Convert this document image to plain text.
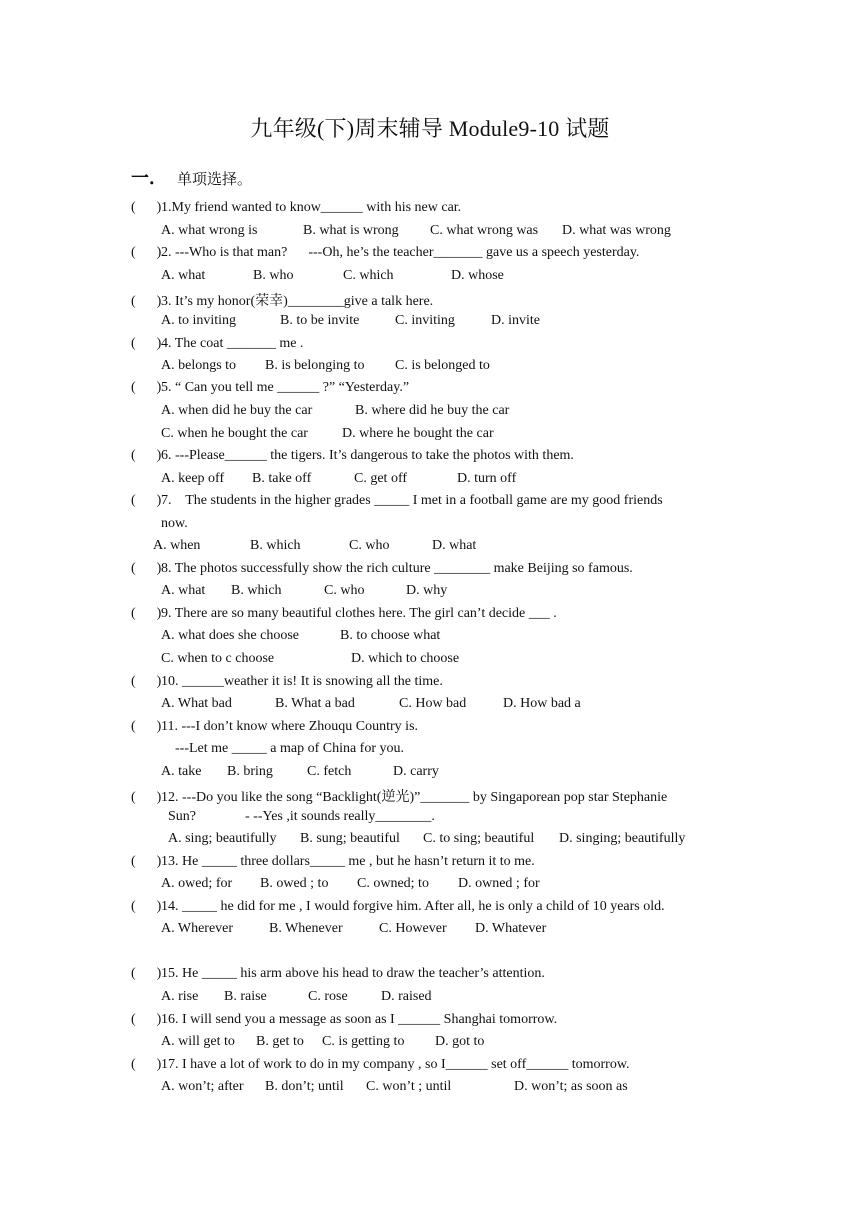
九年级(下)周末辅导 Module9-10 试题
一． 单项选择。
(      )1.My friend wanted to know______ with his new car.
A. what wrong is	B. what is wrong C. what wrong was D. what was wrong
(      )2. ---Who is that man?      ---Oh, he’s the teacher_______ gave us a speech yesterday.
A. what	B. who	C. which	D. whose
(      )3. It’s my honor(荣幸)________give a talk here.
A. to inviting	B. to be invite	C. inviting	D. invite
(      )4. The coat _______ me .
A. belongs to B. is belonging to C. is belonged to
(      )5. “ Can you tell me ______ ?” “Yesterday.”
A. when did he buy the car	B. where did he buy the car
C. when he bought the car D. where he bought the car
(      )6. ---Please______ the tigers. It’s dangerous to take the photos with them.
A. keep off B. take off	C. get off	D. turn off
(      )7.    The students in the higher grades _____ I met in a football game are my good friends
now.
A. when	B. which	C. who	D. what
(      )8. The photos successfully show the rich culture ________ make Beijing so famous.
A. what B. which	C. who	D. why
(      )9. There are so many beautiful clothes here. The girl can’t decide ___ .
A. what does she choose	B. to choose what
C. when to c choose	D. which to choose
(      )10. ______weather it is! It is snowing all the time.
A. What bad	B. What a bad	C. How bad	D. How bad a
(      )11. ---I don’t know where Zhouqu Country is.
---Let me _____ a map of China for you.
A. take B. bring C. fetch	D. carry
(      )12. ---Do you like the song “Backlight(逆光)”_______ by Singaporean pop star Stephanie
Sun?              - --Yes ,it sounds really________.
A. sing; beautifully B. sung; beautiful C. to sing; beautiful D. singing; beautifully
(      )13. He _____ three dollars_____ me , but he hasn’t return it to me.
A. owed; for B. owed ; to C. owned; to D. owned ; for
(      )14. _____ he did for me , I would forgive him. After all, he is only a child of 10 years old.
A. Wherever	B. Whenever	C. However D. Whatever
(      )15. He _____ his arm above his head to draw the teacher’s attention.
A. rise B. raise	C. rose D. raised
(      )16. I will send you a message as soon as I ______ Shanghai tomorrow.
A. will get to B. get to C. is getting to D. got to
(      )17. I have a lot of work to do in my company , so I______ set off______ tomorrow.
A. won’t; after B. don’t; until C. won’t ; until	D. won’t; as soon as
